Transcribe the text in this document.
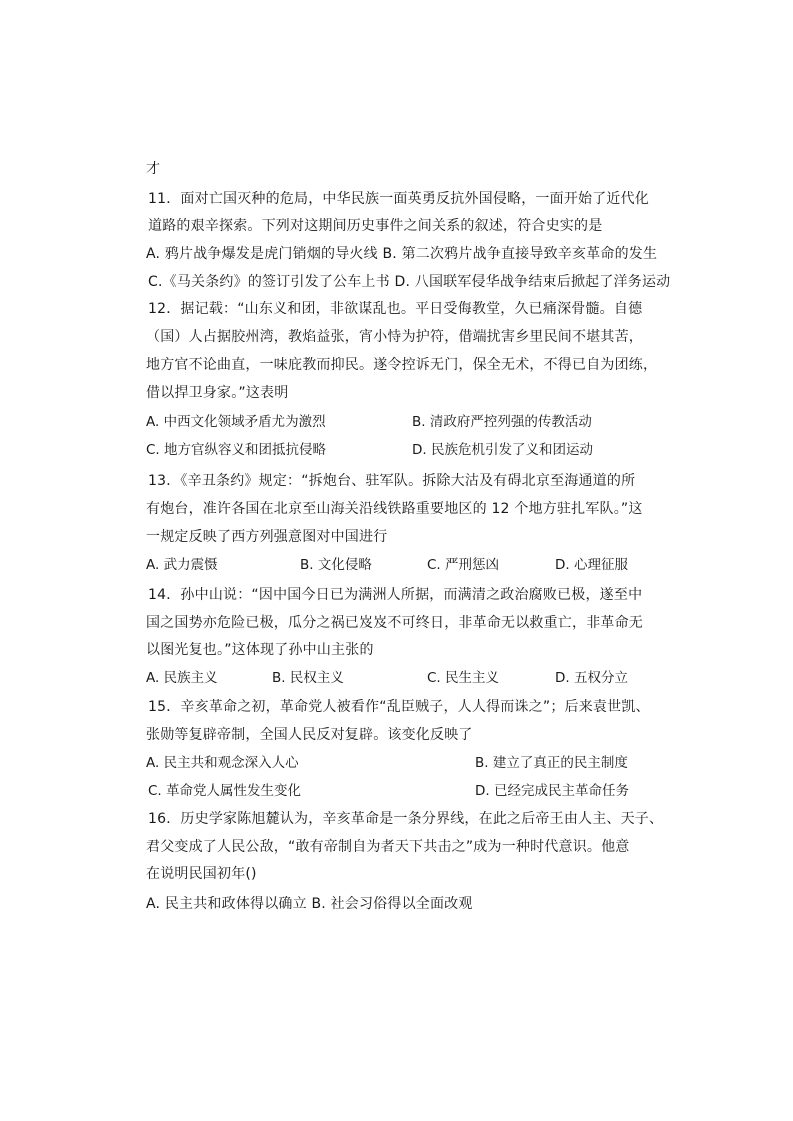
才
11．面对亡国灭种的危局，中华民族一面英勇反抗外国侵略，一面开始了近代化
道路的艰辛探索。下列对这期间历史事件之间关系的叙述，符合史实的是
A. 鸦片战争爆发是虎门销烟的导火线 B. 第二次鸦片战争直接导致辛亥革命的发生
C.《马关条约》的签订引发了公车上书 D. 八国联军侵华战争结束后掀起了洋务运动
12．据记载：“山东义和团，非欲谋乱也。平日受侮教堂，久已痛深骨髓。自德
（国）人占据胶州湾，教焰益张，宵小恃为护符，借端扰害乡里民间不堪其苦，
地方官不论曲直，一味庇教而抑民。遂令控诉无门，保全无术，不得已自为团练，
借以捍卫身家。”这表明
A. 中西文化领域矛盾尤为激烈	B. 清政府严控列强的传教活动
C. 地方官纵容义和团抵抗侵略	D. 民族危机引发了义和团运动
13．《辛丑条约》规定：“拆炮台、驻军队。拆除大沽及有碍北京至海通道的所
有炮台，准许各国在北京至山海关沿线铁路重要地区的 12 个地方驻扎军队。”这
一规定反映了西方列强意图对中国进行
A. 武力震慑	B. 文化侵略	C. 严刑惩凶	D. 心理征服
14．孙中山说：“因中国今日已为满洲人所据，而满清之政治腐败已极，遂至中
国之国势亦危险已极，瓜分之祸已岌岌不可终日，非革命无以救重亡，非革命无
以图光复也。”这体现了孙中山主张的
A. 民族主义	B. 民权主义	C. 民生主义	D. 五权分立
15．辛亥革命之初，革命党人被看作“乱臣贼子，人人得而诛之”；后来袁世凯、
张勋等复辟帝制，全国人民反对复辟。该变化反映了
A. 民主共和观念深入人心	B. 建立了真正的民主制度
C. 革命党人属性发生变化	D. 已经完成民主革命任务
16．历史学家陈旭麓认为，辛亥革命是一条分界线，在此之后帝王由人主、天子、
君父变成了人民公敌，“敢有帝制自为者天下共击之”成为一种时代意识。他意
在说明民国初年()
A. 民主共和政体得以确立 B. 社会习俗得以全面改观
